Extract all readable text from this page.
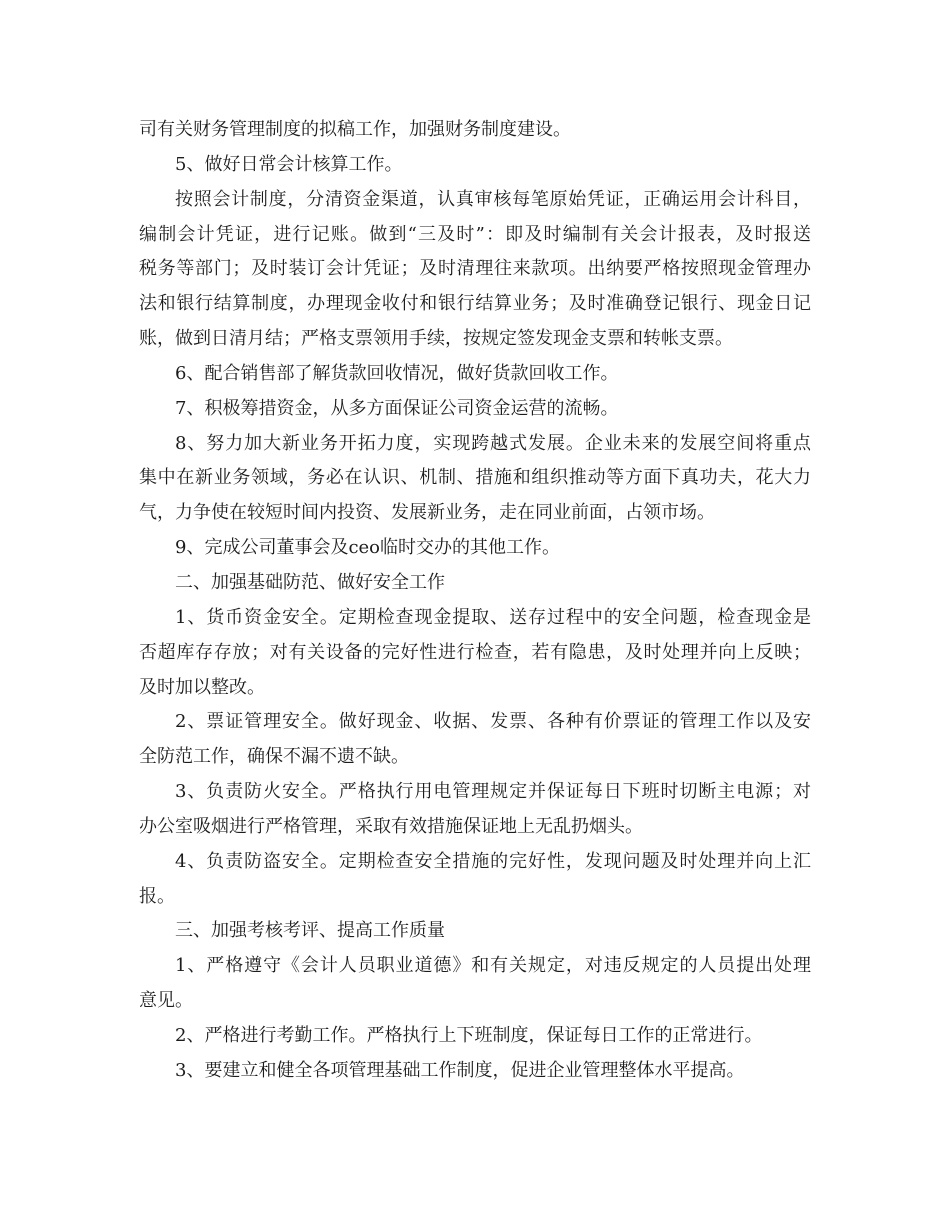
司有关财务管理制度的拟稿工作，加强财务制度建设。
5、做好日常会计核算工作。
按照会计制度，分清资金渠道，认真审核每笔原始凭证，正确运用会计科目，
编制会计凭证，进行记账。做到“三及时”：即及时编制有关会计报表，及时报送
税务等部门；及时装订会计凭证；及时清理往来款项。出纳要严格按照现金管理办
法和银行结算制度，办理现金收付和银行结算业务；及时准确登记银行、现金日记
账，做到日清月结；严格支票领用手续，按规定签发现金支票和转帐支票。
6、配合销售部了解货款回收情况，做好货款回收工作。
7、积极筹措资金，从多方面保证公司资金运营的流畅。
8、努力加大新业务开拓力度，实现跨越式发展。企业未来的发展空间将重点
集中在新业务领域，务必在认识、机制、措施和组织推动等方面下真功夫，花大力
气，力争使在较短时间内投资、发展新业务，走在同业前面，占领市场。
9、完成公司董事会及ceo临时交办的其他工作。
二、加强基础防范、做好安全工作
1、货币资金安全。定期检查现金提取、送存过程中的安全问题，检查现金是
否超库存存放；对有关设备的完好性进行检查，若有隐患，及时处理并向上反映；
及时加以整改。
2、票证管理安全。做好现金、收据、发票、各种有价票证的管理工作以及安
全防范工作，确保不漏不遗不缺。
3、负责防火安全。严格执行用电管理规定并保证每日下班时切断主电源；对
办公室吸烟进行严格管理，采取有效措施保证地上无乱扔烟头。
4、负责防盗安全。定期检查安全措施的完好性，发现问题及时处理并向上汇
报。
三、加强考核考评、提高工作质量
1、严格遵守《会计人员职业道德》和有关规定，对违反规定的人员提出处理
意见。
2、严格进行考勤工作。严格执行上下班制度，保证每日工作的正常进行。
3、要建立和健全各项管理基础工作制度，促进企业管理整体水平提高。
